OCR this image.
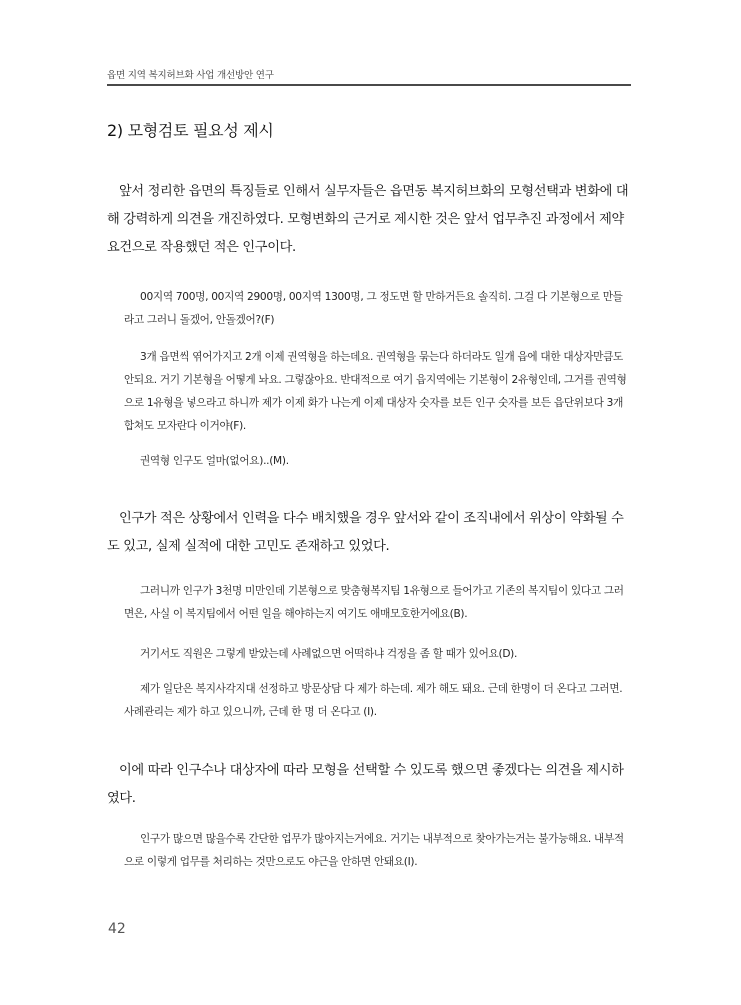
읍면 지역 복지허브화 사업 개선방안 연구
2) 모형검토 필요성 제시

앞서 정리한 읍면의 특징들로 인해서 실무자들은 읍면동 복지허브화의 모형선택과 변화에 대해 강력하게 의견을 개진하였다. 모형변화의 근거로 제시한 것은 앞서 업무추진 과정에서 제약요건으로 작용했던 적은 인구이다.

00지역 700명, 00지역 2900명, 00지역 1300명, 그 정도면 할 만하거든요 솔직히. 그걸 다 기본형으로 만들라고 그러니 돌겠어, 안돌겠어?(F)

3개 읍면씩 엮어가지고 2개 이제 권역형을 하는데요. 권역형을 묶는다 하더라도 일개 읍에 대한 대상자만큼도 안되요. 거기 기본형을 어떻게 놔요. 그렇잖아요. 반대적으로 여기 읍지역에는 기본형이 2유형인데, 그거를 권역형으로 1유형을 넣으라고 하니까 제가 이제 화가 나는게 이제 대상자 숫자를 보든 인구 숫자를 보든 읍단위보다 3개 합쳐도 모자란다 이거야(F).

권역형 인구도 얼마(없어요)..(M).

인구가 적은 상황에서 인력을 다수 배치했을 경우 앞서와 같이 조직내에서 위상이 약화될 수도 있고, 실제 실적에 대한 고민도 존재하고 있었다.

그러니까 인구가 3천명 미만인데 기본형으로 맞춤형복지팀 1유형으로 들어가고 기존의 복지팀이 있다고 그러면은, 사실 이 복지팀에서 어떤 일을 해야하는지 여기도 애매모호한거에요(B).

거기서도 직원은 그렇게 받았는데 사례없으면 어떡하냐 걱정을 좀 할 때가 있어요(D).

제가 일단은 복지사각지대 선정하고 방문상담 다 제가 하는데. 제가 해도 돼요. 근데 한명이 더 온다고 그러면. 사례관리는 제가 하고 있으니까, 근데 한 명 더 온다고 (I).

이에 따라 인구수나 대상자에 따라 모형을 선택할 수 있도록 했으면 좋겠다는 의견을 제시하였다.

인구가 많으면 많을수록 간단한 업무가 많아지는거에요. 거기는 내부적으로 찾아가는거는 불가능해요. 내부적으로 이렇게 업무를 처리하는 것만으로도 야근을 안하면 안돼요(I).

42
